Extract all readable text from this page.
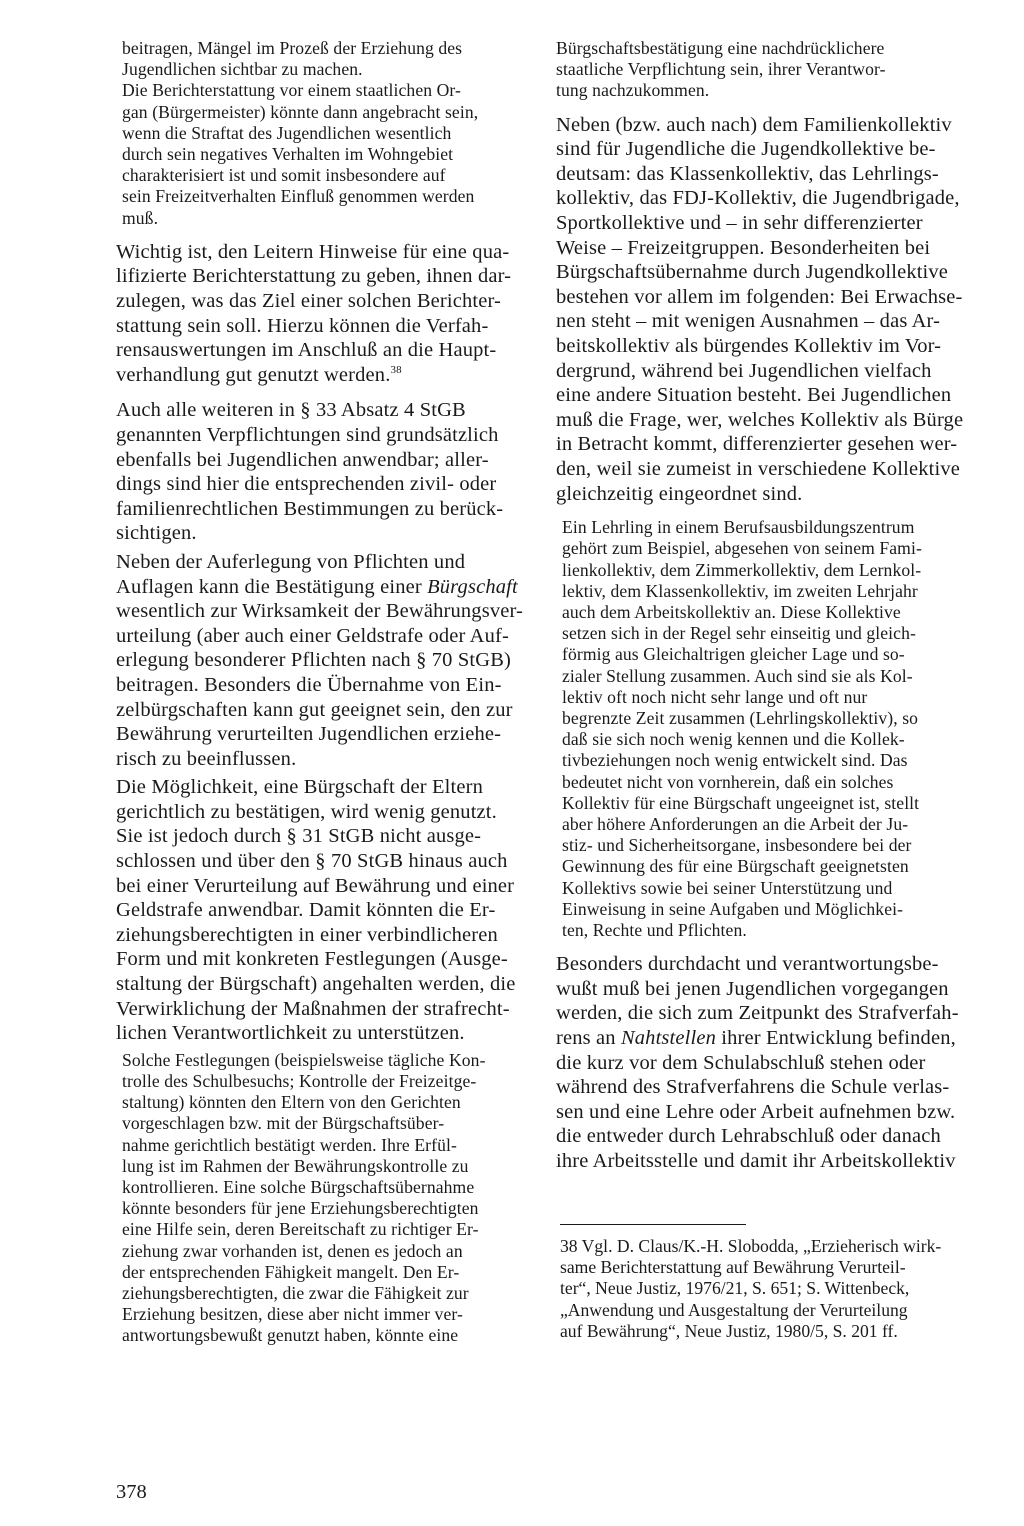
beitragen, Mängel im Prozeß der Erziehung des
Jugendlichen sichtbar zu machen.
Die Berichterstattung vor einem staatlichen Or-
gan (Bürgermeister) könnte dann angebracht sein,
wenn die Straftat des Jugendlichen wesentlich
durch sein negatives Verhalten im Wohngebiet
charakterisiert ist und somit insbesondere auf
sein Freizeitverhalten Einfluß genommen werden
muß.

Wichtig ist, den Leitern Hinweise für eine qua-
lifizierte Berichterstattung zu geben, ihnen dar-
zulegen, was das Ziel einer solchen Berichter-
stattung sein soll. Hierzu können die Verfah-
rensauswertungen im Anschluß an die Haupt-
verhandlung gut genutzt werden.$^{38}$

Auch alle weiteren in § 33 Absatz 4 StGB
genannten Verpflichtungen sind grundsätzlich
ebenfalls bei Jugendlichen anwendbar; aller-
dings sind hier die entsprechenden zivil- oder
familienrechtlichen Bestimmungen zu berück-
sichtigen.

Neben der Auferlegung von Pflichten und
Auflagen kann die Bestätigung einer Bürgschaft
wesentlich zur Wirksamkeit der Bewährungsver-
urteilung (aber auch einer Geldstrafe oder Auf-
erlegung besonderer Pflichten nach § 70 StGB)
beitragen. Besonders die Übernahme von Ein-
zelbürgschaften kann gut geeignet sein, den zur
Bewährung verurteilten Jugendlichen erziehe-
risch zu beeinflussen.

Die Möglichkeit, eine Bürgschaft der Eltern
gerichtlich zu bestätigen, wird wenig genutzt.
Sie ist jedoch durch § 31 StGB nicht ausge-
schlossen und über den § 70 StGB hinaus auch
bei einer Verurteilung auf Bewährung und einer
Geldstrafe anwendbar. Damit könnten die Er-
ziehungsberechtigten in einer verbindlicheren
Form und mit konkreten Festlegungen (Ausge-
staltung der Bürgschaft) angehalten werden, die
Verwirklichung der Maßnahmen der strafrecht-
lichen Verantwortlichkeit zu unterstützen.

Solche Festlegungen (beispielsweise tägliche Kon-
trolle des Schulbesuchs; Kontrolle der Freizeitge-
staltung) könnten den Eltern von den Gerichten
vorgeschlagen bzw. mit der Bürgschaftsüber-
nahme gerichtlich bestätigt werden. Ihre Erfül-
lung ist im Rahmen der Bewährungskontrolle zu
kontrollieren. Eine solche Bürgschaftsübernahme
könnte besonders für jene Erziehungsberechtigten
eine Hilfe sein, deren Bereitschaft zu richtiger Er-
ziehung zwar vorhanden ist, denen es jedoch an
der entsprechenden Fähigkeit mangelt. Den Er-
ziehungsberechtigten, die zwar die Fähigkeit zur
Erziehung besitzen, diese aber nicht immer ver-
antwortungsbewußt genutzt haben, könnte eine

Bürgschaftsbestätigung eine nachdrücklichere
staatliche Verpflichtung sein, ihrer Verantwor-
tung nachzukommen.

Neben (bzw. auch nach) dem Familienkollektiv
sind für Jugendliche die Jugendkollektive be-
deutsam: das Klassenkollektiv, das Lehrlings-
kollektiv, das FDJ-Kollektiv, die Jugendbrigade,
Sportkollektive und – in sehr differenzierter
Weise – Freizeitgruppen. Besonderheiten bei
Bürgschaftsübernahme durch Jugendkollektive
bestehen vor allem im folgenden: Bei Erwachse-
nen steht – mit wenigen Ausnahmen – das Ar-
beitskollektiv als bürgendes Kollektiv im Vor-
dergrund, während bei Jugendlichen vielfach
eine andere Situation besteht. Bei Jugendlichen
muß die Frage, wer, welches Kollektiv als Bürge
in Betracht kommt, differenzierter gesehen wer-
den, weil sie zumeist in verschiedene Kollektive
gleichzeitig eingeordnet sind.

Ein Lehrling in einem Berufsausbildungszentrum
gehört zum Beispiel, abgesehen von seinem Fami-
lienkollektiv, dem Zimmerkollektiv, dem Lernkol-
lektiv, dem Klassenkollektiv, im zweiten Lehrjahr
auch dem Arbeitskollektiv an. Diese Kollektive
setzen sich in der Regel sehr einseitig und gleich-
förmig aus Gleichaltrigen gleicher Lage und so-
zialer Stellung zusammen. Auch sind sie als Kol-
lektiv oft noch nicht sehr lange und oft nur
begrenzte Zeit zusammen (Lehrlingskollektiv), so
daß sie sich noch wenig kennen und die Kollek-
tivbeziehungen noch wenig entwickelt sind. Das
bedeutet nicht von vornherein, daß ein solches
Kollektiv für eine Bürgschaft ungeeignet ist, stellt
aber höhere Anforderungen an die Arbeit der Ju-
stiz- und Sicherheitsorgane, insbesondere bei der
Gewinnung des für eine Bürgschaft geeignetsten
Kollektivs sowie bei seiner Unterstützung und
Einweisung in seine Aufgaben und Möglichkei-
ten, Rechte und Pflichten.

Besonders durchdacht und verantwortungsbe-
wußt muß bei jenen Jugendlichen vorgegangen
werden, die sich zum Zeitpunkt des Strafverfah-
rens an Nahtstellen ihrer Entwicklung befinden,
die kurz vor dem Schulabschluß stehen oder
während des Strafverfahrens die Schule verlas-
sen und eine Lehre oder Arbeit aufnehmen bzw.
die entweder durch Lehrabschluß oder danach
ihre Arbeitsstelle und damit ihr Arbeitskollektiv

38 Vgl. D. Claus/K.-H. Slobodda, „Erzieherisch wirk-
same Berichterstattung auf Bewährung Verurteil-
ter“, Neue Justiz, 1976/21, S. 651; S. Wittenbeck,
„Anwendung und Ausgestaltung der Verurteilung
auf Bewährung“, Neue Justiz, 1980/5, S. 201 ff.
378
